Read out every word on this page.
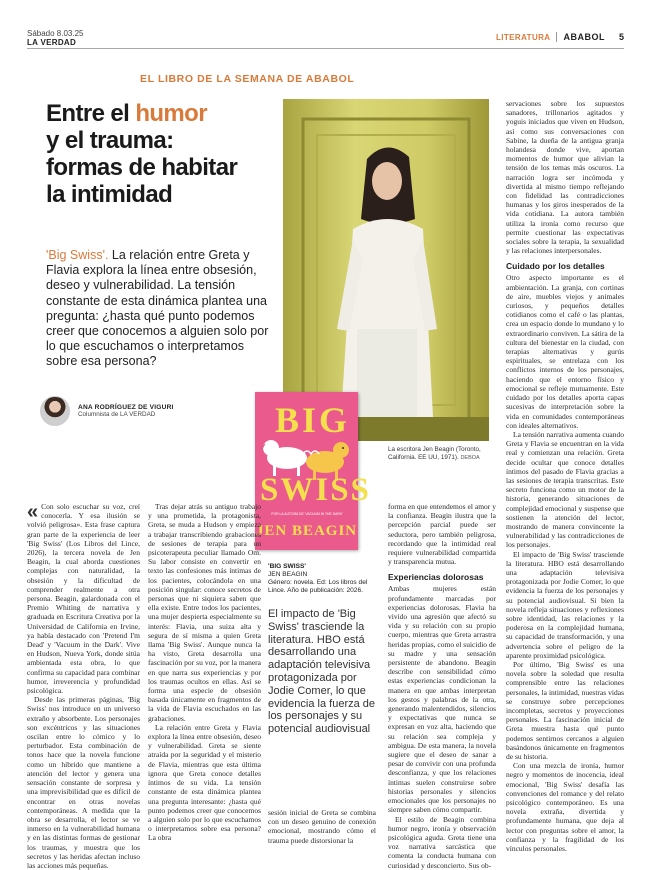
Sábado 8.03.25
LA VERDAD
LITERATURA ABABOL 5
EL LIBRO DE LA SEMANA DE ABABOL
Entre el humor
y el trauma:
formas de habitar
la intimidad

'Big Swiss'. La relación entre Greta y Flavia explora la línea entre obsesión, deseo y vulnerabilidad. La tensión constante de esta dinámica plantea una pregunta: ¿hasta qué punto podemos creer que conocemos a alguien solo por lo que escuchamos o interpretamos sobre esa persona?

ANA RODRÍGUEZ DE VIGURI
Columnista de LA VERDAD
La escritora Jen Beagin (Toronto, California. EE UU, 1971). DEBOA
BIG
SWISS
POR LA AUTORA DE 'VACUUM IN THE DARK'
JEN BEAGIN
'BIG SWISS'
JEN BEAGIN
Género: novela. Ed: Los libros del Lince. Año de publicación: 2026.
El impacto de 'Big Swiss' trasciende la literatura. HBO está desarrollando una adaptación televisiva protagonizada por Jodie Comer, lo que evidencia la fuerza de los personajes y su potencial audiovisual

« Con solo escuchar su voz, creí conocerla. Y esa ilusión se volvió peligrosa». Esta frase captura gran parte de la experiencia de leer 'Big Swiss' (Los Libros del Lince, 2026), la tercera novela de Jen Beagin, la cual aborda cuestiones complejas con naturalidad, la obsesión y la dificultad de comprender realmente a otra persona. Beagin, galardonada con el Premio Whiting de narrativa y graduada en Escritura Creativa por la Universidad de California en Irvine, ya había destacado con 'Pretend I'm Dead' y 'Vacuum in the Dark'. Vive en Hudson, Nueva York, donde sitúa ambientada esta obra, lo que confirma su capacidad para combinar humor, irreverencia y profundidad psicológica.

Desde las primeras páginas, 'Big Swiss' nos introduce en un universo extraño y absorbente. Los personajes son excéntricos y las situaciones oscilan entre lo cómico y lo perturbador. Esta combinación de tonos hace que la novela funcione como un híbrido que mantiene a atención del lector y genera una sensación constante de sorpresa y una imprevisibilidad que es difícil de encontrar en otras novelas contemporáneas. A medida que la obra se desarrolla, el lector se ve inmerso en la vulnerabilidad humana y en las distintas formas de gestionar los traumas, y muestra que los secretos y las heridas afectan incluso las acciones más pequeñas.

Tras dejar atrás su antiguo trabajo y una prometida, la protagonista, Greta, se muda a Hudson y empieza a trabajar transcribiendo grabaciones de sesiones de terapia para un psicoterapeuta peculiar llamado Om. Su labor consiste en convertir en texto las confesiones más íntimas de los pacientes, colocándola en una posición singular: conoce secretos de personas que ni siquiera saben que ella existe. Entre todos los pacientes, una mujer despierta especialmente su interés: Flavia, una suiza alta y segura de sí misma a quien Greta llama 'Big Swiss'. Aunque nunca la ha visto, Greta desarrolla una fascinación por su voz, por la manera en que narra sus experiencias y por los traumas ocultos en ellas. Así se forma una especie de obsesión basada únicamente en fragmentos de la vida de Flavia escuchados en las grabaciones.

La relación entre Greta y Flavia explora la línea entre obsesión, deseo y vulnerabilidad. Greta se siente atraída por la seguridad y el misterio de Flavia, mientras que esta última ignora que Greta conoce detalles íntimos de su vida. La tensión constante de esta dinámica plantea una pregunta interesante: ¿hasta qué punto podemos creer que conocemos a alguien solo por lo que escuchamos o interpretamos sobre esa persona? La obra

sesión inicial de Greta se combina con un deseo genuino de conexión emocional, mostrando cómo el trauma puede distorsionar la

forma en que entendemos el amor y la confianza. Beagin ilustra que la percepción parcial puede ser seductora, pero también peligrosa, recordando que la intimidad real requiere vulnerabilidad compartida y transparencia mutua.

Experiencias dolorosas

Ambas mujeres están profundamente marcadas por experiencias dolorosas. Flavia ha vivido una agresión que afectó su vida y su relación con su propio cuerpo, mientras que Greta arrastra heridas propias, como el suicidio de su madre y una sensación persistente de abandono. Beagin describe con sensibilidad cómo estas experiencias condicionan la manera en que ambas interpretan los gestos y palabras de la otra, generando malentendidos, silencios y expectativas que nunca se expresan en voz alta, haciendo que su relación sea compleja y ambigua. De esta manera, la novela sugiere que el deseo de sanar a pesar de convivir con una profunda desconfianza, y que los relaciones íntimas suelen construirse sobre historias personales y silencios emocionales que los personajes no siempre saben cómo compartir.

El estilo de Beagin combina humor negro, ironía y observación psicológica aguda. Greta tiene una voz narrativa sarcástica que comenta la conducta humana con curiosidad y desconcierto. Sus ob-

servaciones sobre los supuestos sanadores, trillonarios agitados y yoguis iniciados que viven en Hudson, así como sus conversaciones con Sabine, la dueña de la antigua granja holandesa donde vive, aportan momentos de humor que alivian la tensión de los temas más oscuros. La narración logra ser incómoda y divertida al mismo tiempo reflejando con fidelidad las contradicciones humanas y los giros inesperados de la vida cotidiana. La autora también utiliza la ironía como recurso que permite cuestionar las expectativas sociales sobre la terapia, la sexualidad y las relaciones interpersonales.

Cuidado por los detalles

Otro aspecto importante es el ambientación. La granja, con cortinas de aire, muebles viejos y animales curiosos, y pequeños detalles cotidianos como el café o las plantas, crea un espacio donde lo mundano y lo extraordinario conviven. La sátira de la cultura del bienestar en la ciudad, con terapias alternativas y gurús espirituales, se entrelaza con los conflictos internos de los personajes, haciendo que el entorno físico y emocional se refleje mutuamente. Este cuidado por los detalles aporta capas sucesivas de interpretación sobre la vida en comunidades contemporáneas con ideales alternativos.

La tensión narrativa aumenta cuando Greta y Flavia se encuentran en la vida real y comienzan una relación. Greta decide ocultar que conoce detalles íntimos del pasado de Flavia gracias a las sesiones de terapia transcritas. Este secreto funciona como un motor de la historia, generando situaciones de complejidad emocional y suspense que sostienen la atención del lector, mostrando de manera convincente la vulnerabilidad y las contradicciones de los personajes.

El impacto de 'Big Swiss' trasciende la literatura. HBO está desarrollando una adaptación televisiva protagonizada por Jodie Comer, lo que evidencia la fuerza de los personajes y su potencial audiovisual. Si bien la novela refleja situaciones y reflexiones sobre identidad, las relaciones y la poderosa en la complejidad humana, su capacidad de transformación, y una advertencia sobre el peligro de la aparente proximidad psicológica.

Por último, 'Big Swiss' es una novela sobre la soledad que resulta comprensible entre las relaciones personales, la intimidad, nuestras vidas se construye sobre percepciones incompletas, secretos y proyecciones personales. La fascinación inicial de Greta muestra hasta qué punto podemos sentirnos cercanos a alguien basándonos únicamente en fragmentos de su historia.

Con una mezcla de ironía, humor negro y momentos de inocencia, ideal emocional, 'Big Swiss' desafía las convenciones del romance y del relato psicológico contemporáneo. Es una novela extraña, divertida y profundamente humana, que deja al lector con preguntas sobre el amor, la confianza y la fragilidad de los vínculos personales.
